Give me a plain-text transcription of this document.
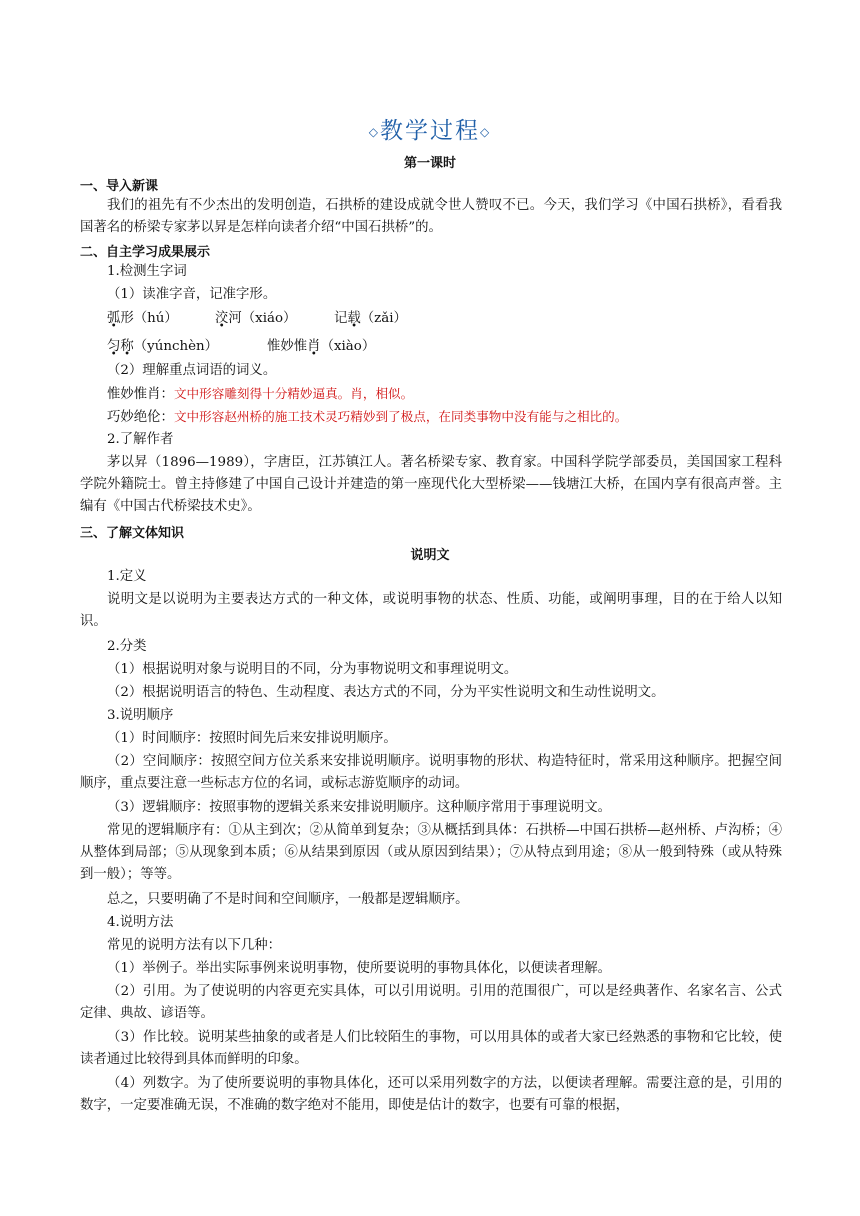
◇教学过程◇
第一课时
一、导入新课
我们的祖先有不少杰出的发明创造，石拱桥的建设成就令世人赞叹不已。今天，我们学习《中国石拱桥》，看看我国著名的桥梁专家茅以昇是怎样向读者介绍“中国石拱桥”的。
二、自主学习成果展示
1.检测生字词
（1）读准字音，记准字形。
弧形（hú）	洨河（xiáo）	记载（zǎi）
匀称（yúnchèn）	惟妙惟肖（xiào）
（2）理解重点词语的词义。
惟妙惟肖：文中形容雕刻得十分精妙逼真。肖，相似。
巧妙绝伦：文中形容赵州桥的施工技术灵巧精妙到了极点，在同类事物中没有能与之相比的。
2.了解作者
茅以昇（1896—1989），字唐臣，江苏镇江人。著名桥梁专家、教育家。中国科学院学部委员，美国国家工程科学院外籍院士。曾主持修建了中国自己设计并建造的第一座现代化大型桥梁——钱塘江大桥，在国内享有很高声誉。主编有《中国古代桥梁技术史》。
三、了解文体知识
说明文
1.定义
说明文是以说明为主要表达方式的一种文体，或说明事物的状态、性质、功能，或阐明事理，目的在于给人以知识。
2.分类
（1）根据说明对象与说明目的不同，分为事物说明文和事理说明文。
（2）根据说明语言的特色、生动程度、表达方式的不同，分为平实性说明文和生动性说明文。
3.说明顺序
（1）时间顺序：按照时间先后来安排说明顺序。
（2）空间顺序：按照空间方位关系来安排说明顺序。说明事物的形状、构造特征时，常采用这种顺序。把握空间顺序，重点要注意一些标志方位的名词，或标志游览顺序的动词。
（3）逻辑顺序：按照事物的逻辑关系来安排说明顺序。这种顺序常用于事理说明文。
常见的逻辑顺序有：①从主到次；②从简单到复杂；③从概括到具体：石拱桥—中国石拱桥—赵州桥、卢沟桥；④从整体到局部；⑤从现象到本质；⑥从结果到原因（或从原因到结果）；⑦从特点到用途；⑧从一般到特殊（或从特殊到一般）；等等。
总之，只要明确了不是时间和空间顺序，一般都是逻辑顺序。
4.说明方法
常见的说明方法有以下几种：
（1）举例子。举出实际事例来说明事物，使所要说明的事物具体化，以便读者理解。
（2）引用。为了使说明的内容更充实具体，可以引用说明。引用的范围很广，可以是经典著作、名家名言、公式定律、典故、谚语等。
（3）作比较。说明某些抽象的或者是人们比较陌生的事物，可以用具体的或者大家已经熟悉的事物和它比较，使读者通过比较得到具体而鲜明的印象。
（4）列数字。为了使所要说明的事物具体化，还可以采用列数字的方法，以便读者理解。需要注意的是，引用的数字，一定要准确无误，不准确的数字绝对不能用，即使是估计的数字，也要有可靠的根据，
